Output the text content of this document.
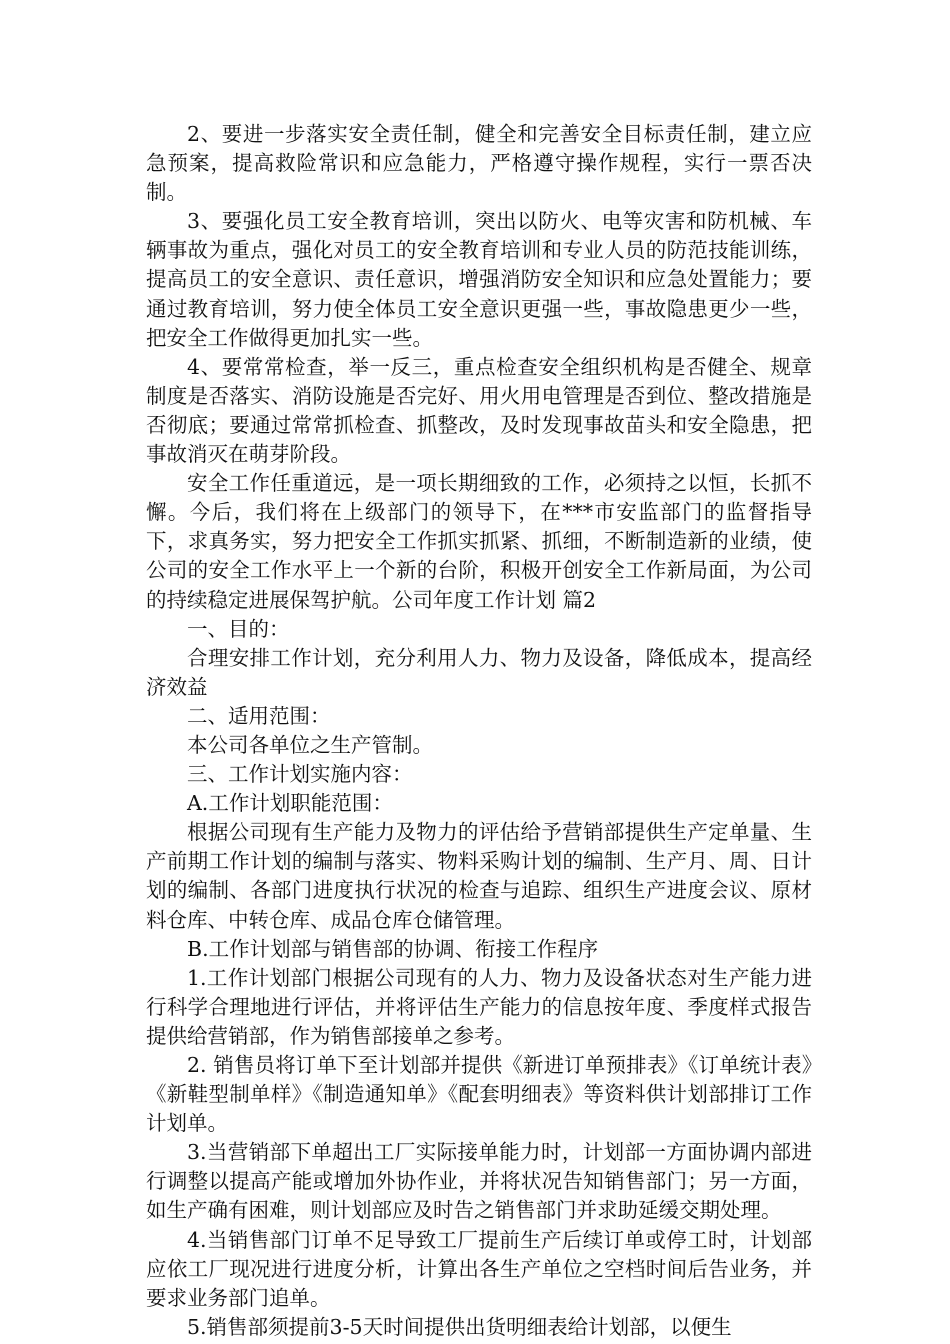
2、要进一步落实安全责任制，健全和完善安全目标责任制，建立应急预案，提高救险常识和应急能力，严格遵守操作规程，实行一票否决制。

3、要强化员工安全教育培训，突出以防火、电等灾害和防机械、车辆事故为重点，强化对员工的安全教育培训和专业人员的防范技能训练，提高员工的安全意识、责任意识，增强消防安全知识和应急处置能力；要通过教育培训，努力使全体员工安全意识更强一些，事故隐患更少一些，把安全工作做得更加扎实一些。

4、要常常检查，举一反三，重点检查安全组织机构是否健全、规章制度是否落实、消防设施是否完好、用火用电管理是否到位、整改措施是否彻底；要通过常常抓检查、抓整改，及时发现事故苗头和安全隐患，把事故消灭在萌芽阶段。

安全工作任重道远，是一项长期细致的工作，必须持之以恒，长抓不懈。今后，我们将在上级部门的领导下，在***市安监部门的监督指导下，求真务实，努力把安全工作抓实抓紧、抓细，不断制造新的业绩，使公司的安全工作水平上一个新的台阶，积极开创安全工作新局面，为公司的持续稳定进展保驾护航。公司年度工作计划 篇2

一、目的：

合理安排工作计划，充分利用人力、物力及设备，降低成本，提高经济效益

二、适用范围：

本公司各单位之生产管制。

三、工作计划实施内容：

A.工作计划职能范围：

根据公司现有生产能力及物力的评估给予营销部提供生产定单量、生产前期工作计划的编制与落实、物料采购计划的编制、生产月、周、日计划的编制、各部门进度执行状况的检查与追踪、组织生产进度会议、原材料仓库、中转仓库、成品仓库仓储管理。

B.工作计划部与销售部的协调、衔接工作程序

1.工作计划部门根据公司现有的人力、物力及设备状态对生产能力进行科学合理地进行评估，并将评估生产能力的信息按年度、季度样式报告提供给营销部，作为销售部接单之参考。

2. 销售员将订单下至计划部并提供《新进订单预排表》《订单统计表》《新鞋型制单样》《制造通知单》《配套明细表》等资料供计划部排订工作计划单。

3.当营销部下单超出工厂实际接单能力时，计划部一方面协调内部进行调整以提高产能或增加外协作业，并将状况告知销售部门；另一方面，如生产确有困难，则计划部应及时告之销售部门并求助延缓交期处理。

4.当销售部门订单不足导致工厂提前生产后续订单或停工时，计划部应依工厂现况进行进度分析，计算出各生产单位之空档时间后告业务，并要求业务部门追单。

5.销售部须提前3-5天时间提供出货明细表给计划部，以便生
